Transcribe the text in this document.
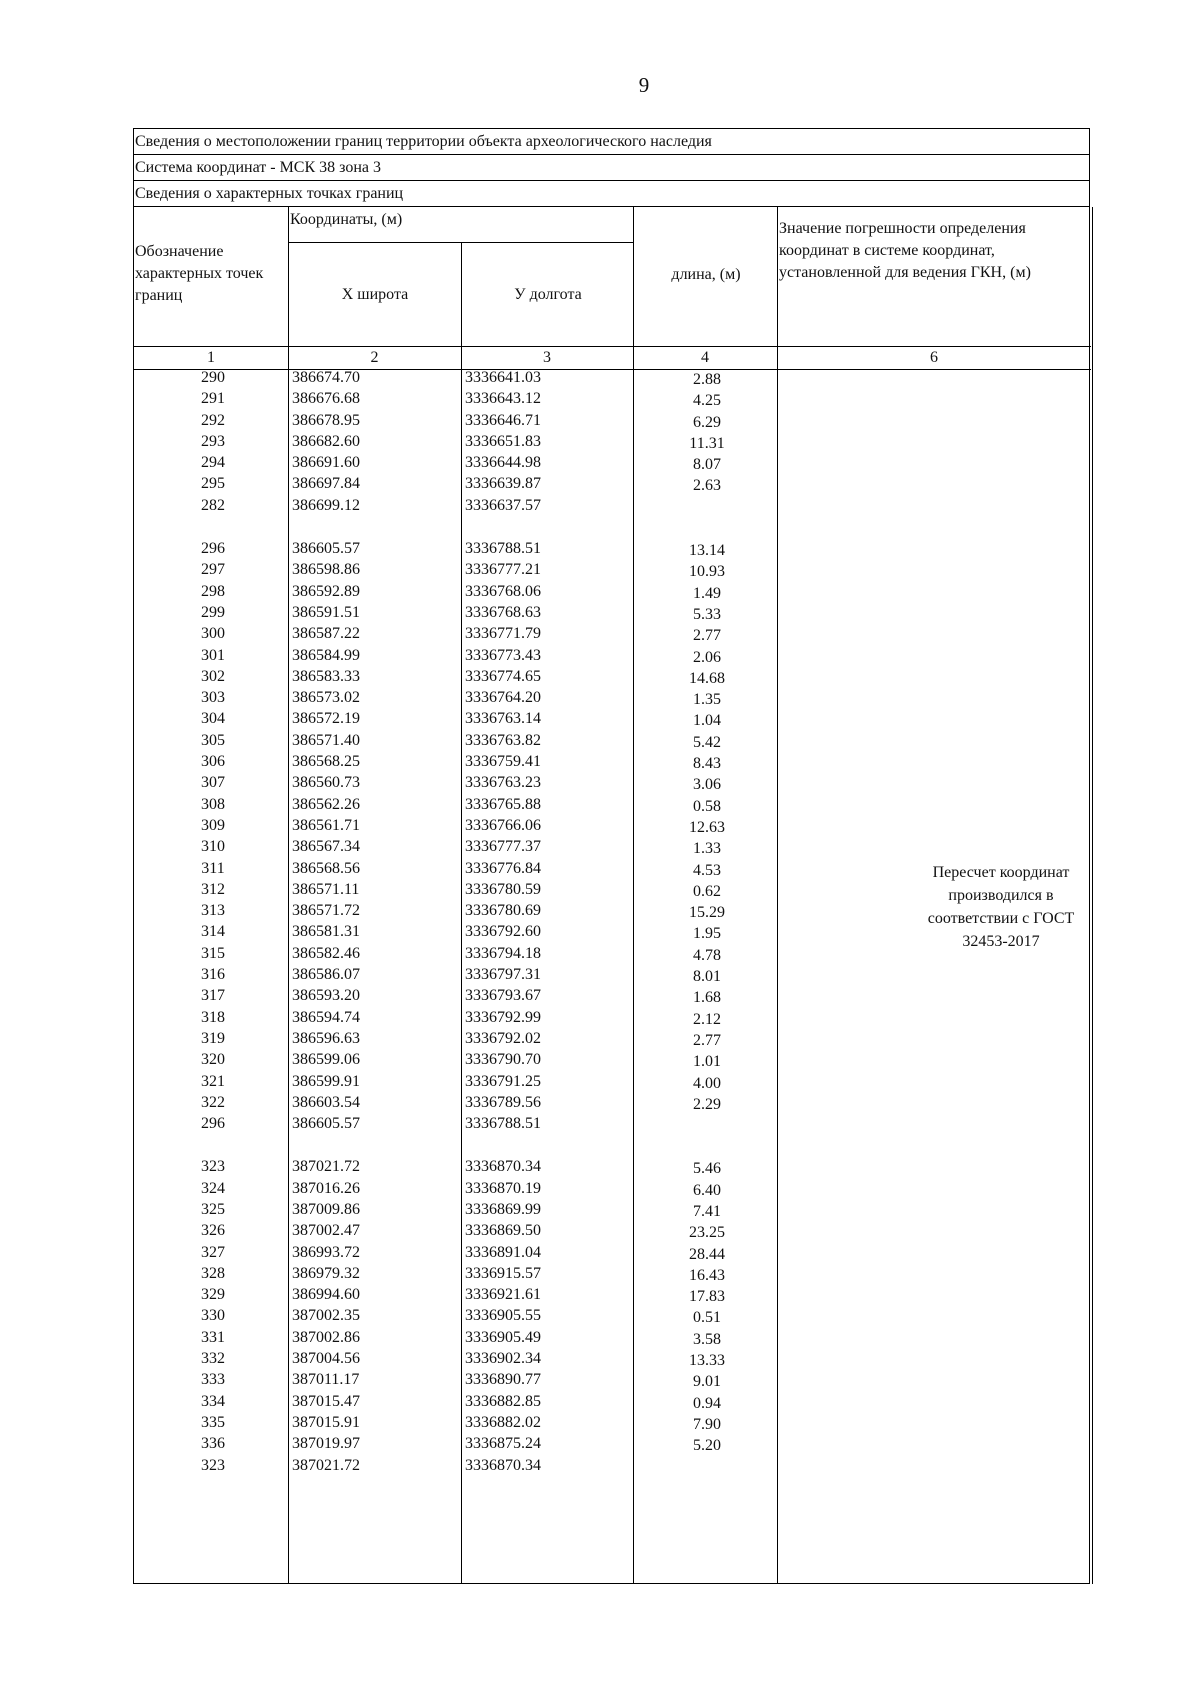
9
Сведения о местоположении границ территории объекта археологического наследия
Система координат - МСК 38 зона 3
Сведения о характерных точках границ
Обозначение характерных точек границ
Координаты, (м)
Х широта	У долгота
длина, (м)
Значение погрешности определения координат в системе координат, установленной для ведения ГКН, (м)
1	2	3	4	6
290	386674.70	3336641.03	2.88
291	386676.68	3336643.12	4.25
292	386678.95	3336646.71	6.29
293	386682.60	3336651.83	11.31
294	386691.60	3336644.98	8.07
295	386697.84	3336639.87	2.63
282	386699.12	3336637.57
296	386605.57	3336788.51	13.14
297	386598.86	3336777.21	10.93
298	386592.89	3336768.06	1.49
299	386591.51	3336768.63	5.33
300	386587.22	3336771.79	2.77
301	386584.99	3336773.43	2.06
302	386583.33	3336774.65	14.68
303	386573.02	3336764.20	1.35
304	386572.19	3336763.14	1.04
305	386571.40	3336763.82	5.42
306	386568.25	3336759.41	8.43
307	386560.73	3336763.23	3.06
308	386562.26	3336765.88	0.58
309	386561.71	3336766.06	12.63
310	386567.34	3336777.37	1.33
311	386568.56	3336776.84	4.53
312	386571.11	3336780.59	0.62
313	386571.72	3336780.69	15.29
314	386581.31	3336792.60	1.95
315	386582.46	3336794.18	4.78
316	386586.07	3336797.31	8.01
317	386593.20	3336793.67	1.68
318	386594.74	3336792.99	2.12
319	386596.63	3336792.02	2.77
320	386599.06	3336790.70	1.01
321	386599.91	3336791.25	4.00
322	386603.54	3336789.56	2.29
296	386605.57	3336788.51
323	387021.72	3336870.34	5.46
324	387016.26	3336870.19	6.40
325	387009.86	3336869.99	7.41
326	387002.47	3336869.50	23.25
327	386993.72	3336891.04	28.44
328	386979.32	3336915.57	16.43
329	386994.60	3336921.61	17.83
330	387002.35	3336905.55	0.51
331	387002.86	3336905.49	3.58
332	387004.56	3336902.34	13.33
333	387011.17	3336890.77	9.01
334	387015.47	3336882.85	0.94
335	387015.91	3336882.02	7.90
336	387019.97	3336875.24	5.20
323	387021.72	3336870.34
Пересчет координат производился в соответствии с ГОСТ 32453-2017
